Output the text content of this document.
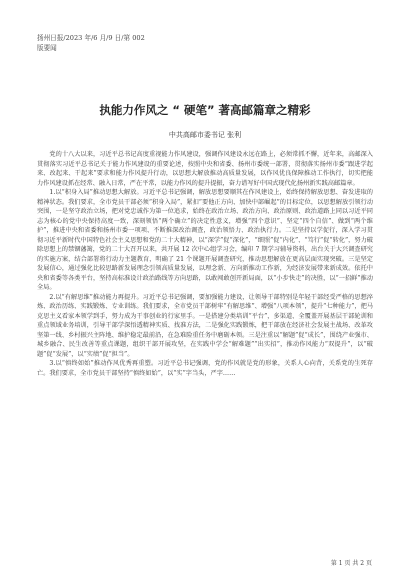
扬州日报/2023 年/6 月/9 日/第 002
版要闻
执能力作风之 “ 硬笔” 著高邮篇章之精彩
中共高邮市委书记 张利

党的十八大以来，习近平总书记高度重视能力作风建设，强调作风建设永远在路上，必须常抓不懈，近年来，高邮深入贯彻落实习近平总书记关于能力作风建设的重要论述，按照中央和省委、扬州市委统一部署，贯彻落实扬州市委“跟进学起来、改起来、干起来”要求和能力作风提升行动，以思想大解放推动高质量发展，以作风优良保障推动工作执行，切实把能力作风建设抓在经常、融入日常，严在平常，以能力作风的提升提振，奋力谱写好中国式现代化扬州新实践高邮篇章。

1.以“积身入局”推动思想大解放。习近平总书记强调，解放思想要顺其在作风建设上，始终保持解放思想、奋发进取的精神状态。我们要求，全市党员干部必须“积身入局”，紧扣“要他正方向、加快中部崛起”的目标定位，以思想解放引领行动突围，一是坚守政治立场，把对党忠诚作为第一位追求，始终在政治立场、政治方向、政治原则、政治道路上同以习近平同志为核心的党中央保持高度一致，深刻领悟“两个确立”的决定性意义，增强“四个意识”、坚定“四个自信”、做到“两个维护”，推进中央和省委和扬州市委一项项、不断推深改治调查，政治领悟力、政治执行力。二是坚持以学促行，深入学习贯彻习近平新时代中国特色社会主义思想和党的二十大精神，以“深学”促“深化”，“细照”促“内化”、“笃行”促“转化”，努力破除思想上的禁锢藩篱，党的二十大召开以来，共开展 12 次中心组学习会，编印 7 期学习辅导资料，出台关于大兴调查研究的实施方案，结合部署将行动力主题教育，明确了 21 个课题开展调查研究，推动思想解放在更高层面实现突破。三是坚定发展信心，通过强化比较思路新发展理念引领高质量发展，以理念新、方向新推动工作新，为经济发展带来新成效。依托中央和省委等各类平台，坚持高标准设计政治路线等方向思路，以敢闯敢创开新局面，以“小步快走”的决胜，以“一招鲜”推动全局。

2.以“有解思维”推动能力再提升。习近平总书记强调，要加强能力建设，让领导干部特别是年轻干部经受严格的思想淬炼、政治历练、实践锻炼、专业训练。我们要求，全市党员干部树牢“有解思维”、增强“八项本领”，提升“七种能力”，把马克思主义看家本领学到手，努力成为干事创业的行家里手。一是搭建分类培训“平台”，多渠道、全覆盖开展基层干部轮训和重点领域业务培训，引导干部学深悟透精神实质、找准方法，二是强化实践锻炼，把干部放在经济社会发展主战场、改革攻坚第一线、乡村振兴主阵地、维护稳定最前沿，在急难险重任务中磨砺本领。三是注重以“解题”促“成长”，围绕产业强市、城乡融合、民生改善等重点课题，组织干部开展攻坚，在实践中学会“解难题”“出实招”，推动作风能力“双提升”，以“破题”促“发展”，以“实绩”促“担当”。

3.以“慎终如始”推动作风优秀再重塑。习近平总书记强调，党的作风就是党的形象，关系人心向背，关系党的生死存亡。我们要求，全市党员干部坚持“慎终如始”，以“实”字当头，严字……

第 1 页 共 2 页
